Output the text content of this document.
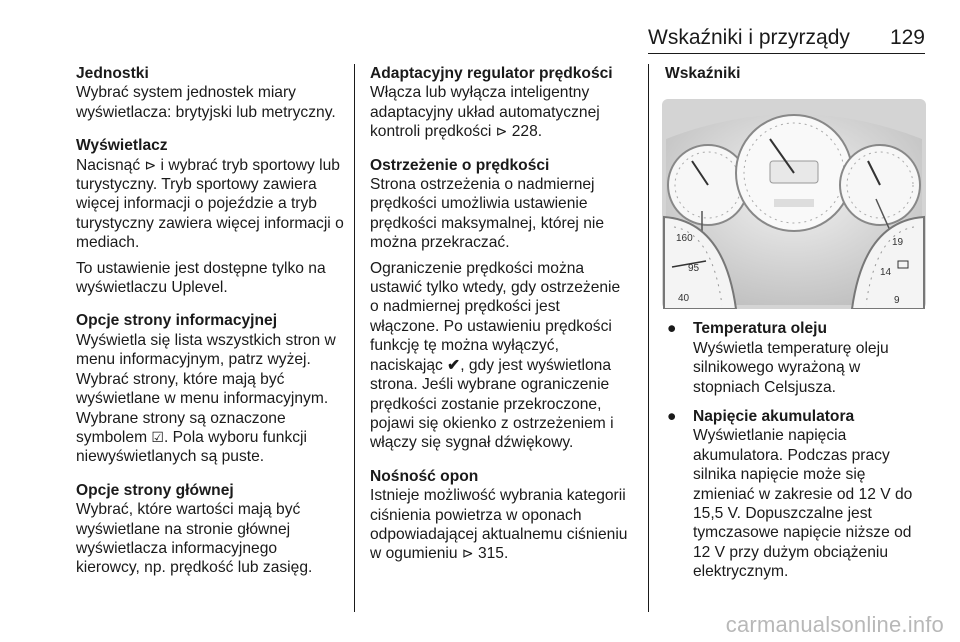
Wskaźniki i przyrządy 129

Jednostki

Wybrać system jednostek miary wyświetlacza: brytyjski lub metryczny.

Wyświetlacz

Nacisnąć ⊳ i wybrać tryb sportowy lub turystyczny. Tryb sportowy zawiera więcej informacji o pojeździe a tryb turystyczny zawiera więcej informacji o mediach.

To ustawienie jest dostępne tylko na wyświetlaczu Uplevel.

Opcje strony informacyjnej

Wyświetla się lista wszystkich stron w menu informacyjnym, patrz wyżej. Wybrać strony, które mają być wyświetlane w menu informacyjnym. Wybrane strony są oznaczone symbolem ☑. Pola wyboru funkcji niewyświetlanych są puste.

Opcje strony głównej

Wybrać, które wartości mają być wyświetlane na stronie głównej wyświetlacza informacyjnego kierowcy, np. prędkość lub zasięg.

Adaptacyjny regulator prędkości

Włącza lub wyłącza inteligentny adaptacyjny układ automatycznej kontroli prędkości ⊳ 228.

Ostrzeżenie o prędkości

Strona ostrzeżenia o nadmiernej prędkości umożliwia ustawienie prędkości maksymalnej, której nie można przekraczać.

Ograniczenie prędkości można ustawić tylko wtedy, gdy ostrzeżenie o nadmiernej prędkości jest włączone. Po ustawieniu prędkości funkcję tę można wyłączyć, naciskając ✔, gdy jest wyświetlona strona. Jeśli wybrane ograniczenie prędkości zostanie przekroczone, pojawi się okienko z ostrzeżeniem i włączy się sygnał dźwiękowy.

Nośność opon

Istnieje możliwość wybrania kategorii ciśnienia powietrza w oponach odpowiadającej aktualnemu ciśnieniu w ogumieniu ⊳ 315.

Wskaźniki

160
95
40
19
14
9
● Temperatura oleju

Wyświetla temperaturę oleju silnikowego wyrażoną w stopniach Celsjusza.

● Napięcie akumulatora

Wyświetlanie napięcia akumulatora. Podczas pracy silnika napięcie może się zmieniać w zakresie od 12 V do 15,5 V. Dopuszczalne jest tymczasowe napięcie niższe od 12 V przy dużym obciążeniu elektrycznym.

carmanualsonline.info
